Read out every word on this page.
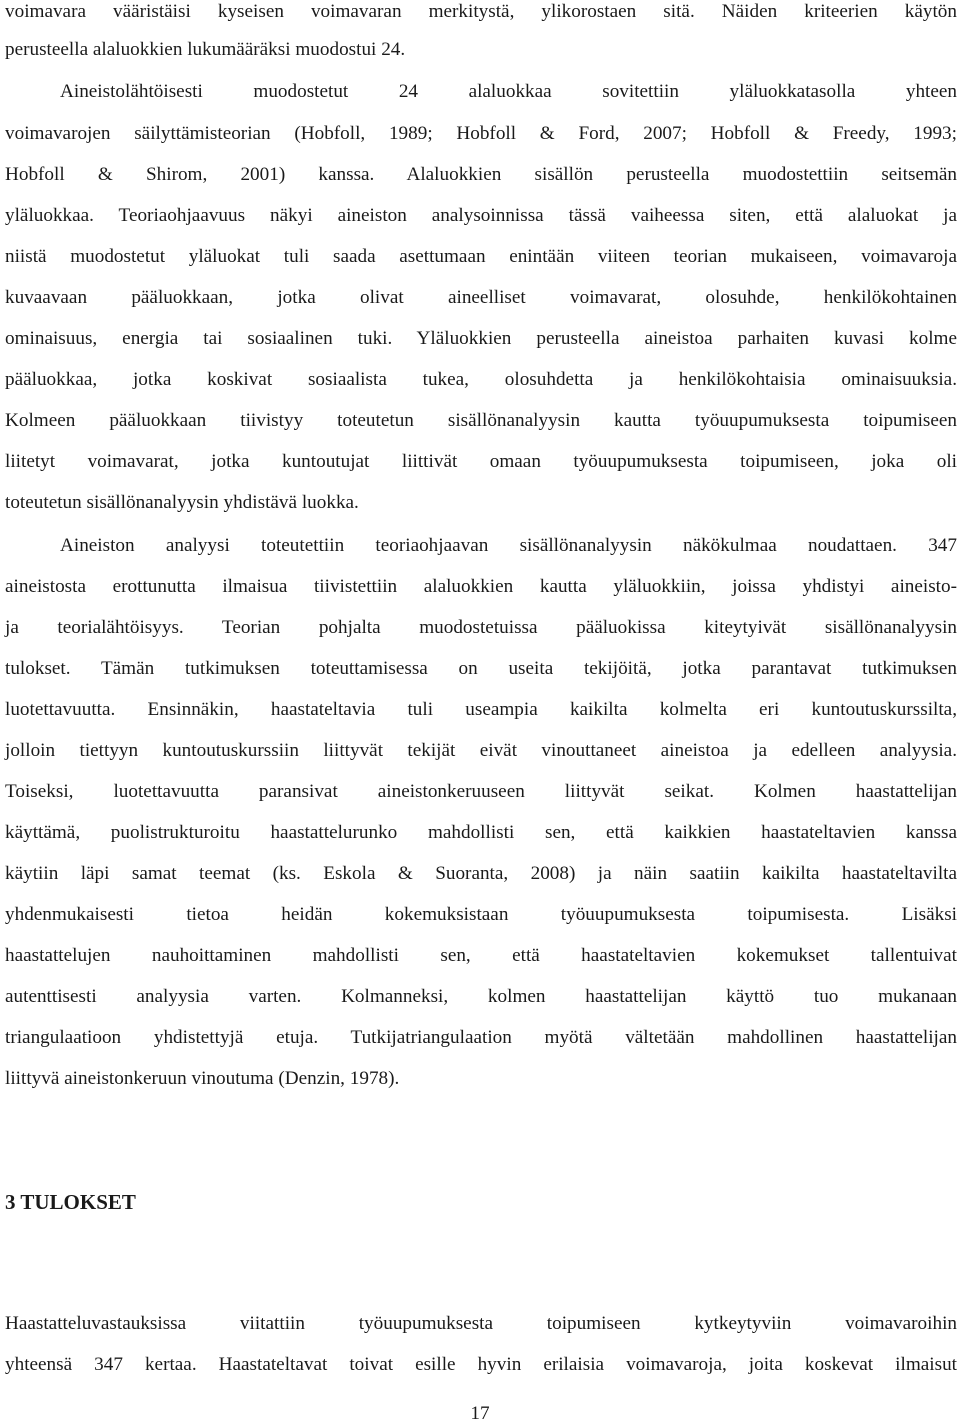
voimavara vääristäisi kyseisen voimavaran merkitystä, ylikorostaen sitä. Näiden kriteerien käytön
perusteella alaluokkien lukumääräksi muodostui 24.
Aineistolähtöisesti muodostetut 24 alaluokkaa sovitettiin yläluokkatasolla yhteen
voimavarojen säilyttämisteorian (Hobfoll, 1989; Hobfoll & Ford, 2007; Hobfoll & Freedy, 1993;
Hobfoll & Shirom, 2001) kanssa. Alaluokkien sisällön perusteella muodostettiin seitsemän
yläluokkaa. Teoriaohjaavuus näkyi aineiston analysoinnissa tässä vaiheessa siten, että alaluokat ja
niistä muodostetut yläluokat tuli saada asettumaan enintään viiteen teorian mukaiseen, voimavaroja
kuvaavaan pääluokkaan, jotka olivat aineelliset voimavarat, olosuhde, henkilökohtainen
ominaisuus, energia tai sosiaalinen tuki. Yläluokkien perusteella aineistoa parhaiten kuvasi kolme
pääluokkaa, jotka koskivat sosiaalista tukea, olosuhdetta ja henkilökohtaisia ominaisuuksia.
Kolmeen pääluokkaan tiivistyy toteutetun sisällönanalyysin kautta työuupumuksesta toipumiseen
liitetyt voimavarat, jotka kuntoutujat liittivät omaan työuupumuksesta toipumiseen, joka oli
toteutetun sisällönanalyysin yhdistävä luokka.
Aineiston analyysi toteutettiin teoriaohjaavan sisällönanalyysin näkökulmaa noudattaen. 347
aineistosta erottunutta ilmaisua tiivistettiin alaluokkien kautta yläluokkiin, joissa yhdistyi aineisto-
ja teorialähtöisyys. Teorian pohjalta muodostetuissa pääluokissa kiteytyivät sisällönanalyysin
tulokset. Tämän tutkimuksen toteuttamisessa on useita tekijöitä, jotka parantavat tutkimuksen
luotettavuutta. Ensinnäkin, haastateltavia tuli useampia kaikilta kolmelta eri kuntoutuskurssilta,
jolloin tiettyyn kuntoutuskurssiin liittyvät tekijät eivät vinouttaneet aineistoa ja edelleen analyysia.
Toiseksi, luotettavuutta paransivat aineistonkeruuseen liittyvät seikat. Kolmen haastattelijan
käyttämä, puolistrukturoitu haastattelurunko mahdollisti sen, että kaikkien haastateltavien kanssa
käytiin läpi samat teemat (ks. Eskola & Suoranta, 2008) ja näin saatiin kaikilta haastateltavilta
yhdenmukaisesti tietoa heidän kokemuksistaan työuupumuksesta toipumisesta. Lisäksi
haastattelujen nauhoittaminen mahdollisti sen, että haastateltavien kokemukset tallentuivat
autenttisesti analyysia varten. Kolmanneksi, kolmen haastattelijan käyttö tuo mukanaan
triangulaatioon yhdistettyjä etuja. Tutkijatriangulaation myötä vältetään mahdollinen haastattelijan
liittyvä aineistonkeruun vinoutuma (Denzin, 1978).
3 TULOKSET
Haastatteluvastauksissa viitattiin työuupumuksesta toipumiseen kytkeytyviin voimavaroihin
yhteensä 347 kertaa. Haastateltavat toivat esille hyvin erilaisia voimavaroja, joita koskevat ilmaisut
17
